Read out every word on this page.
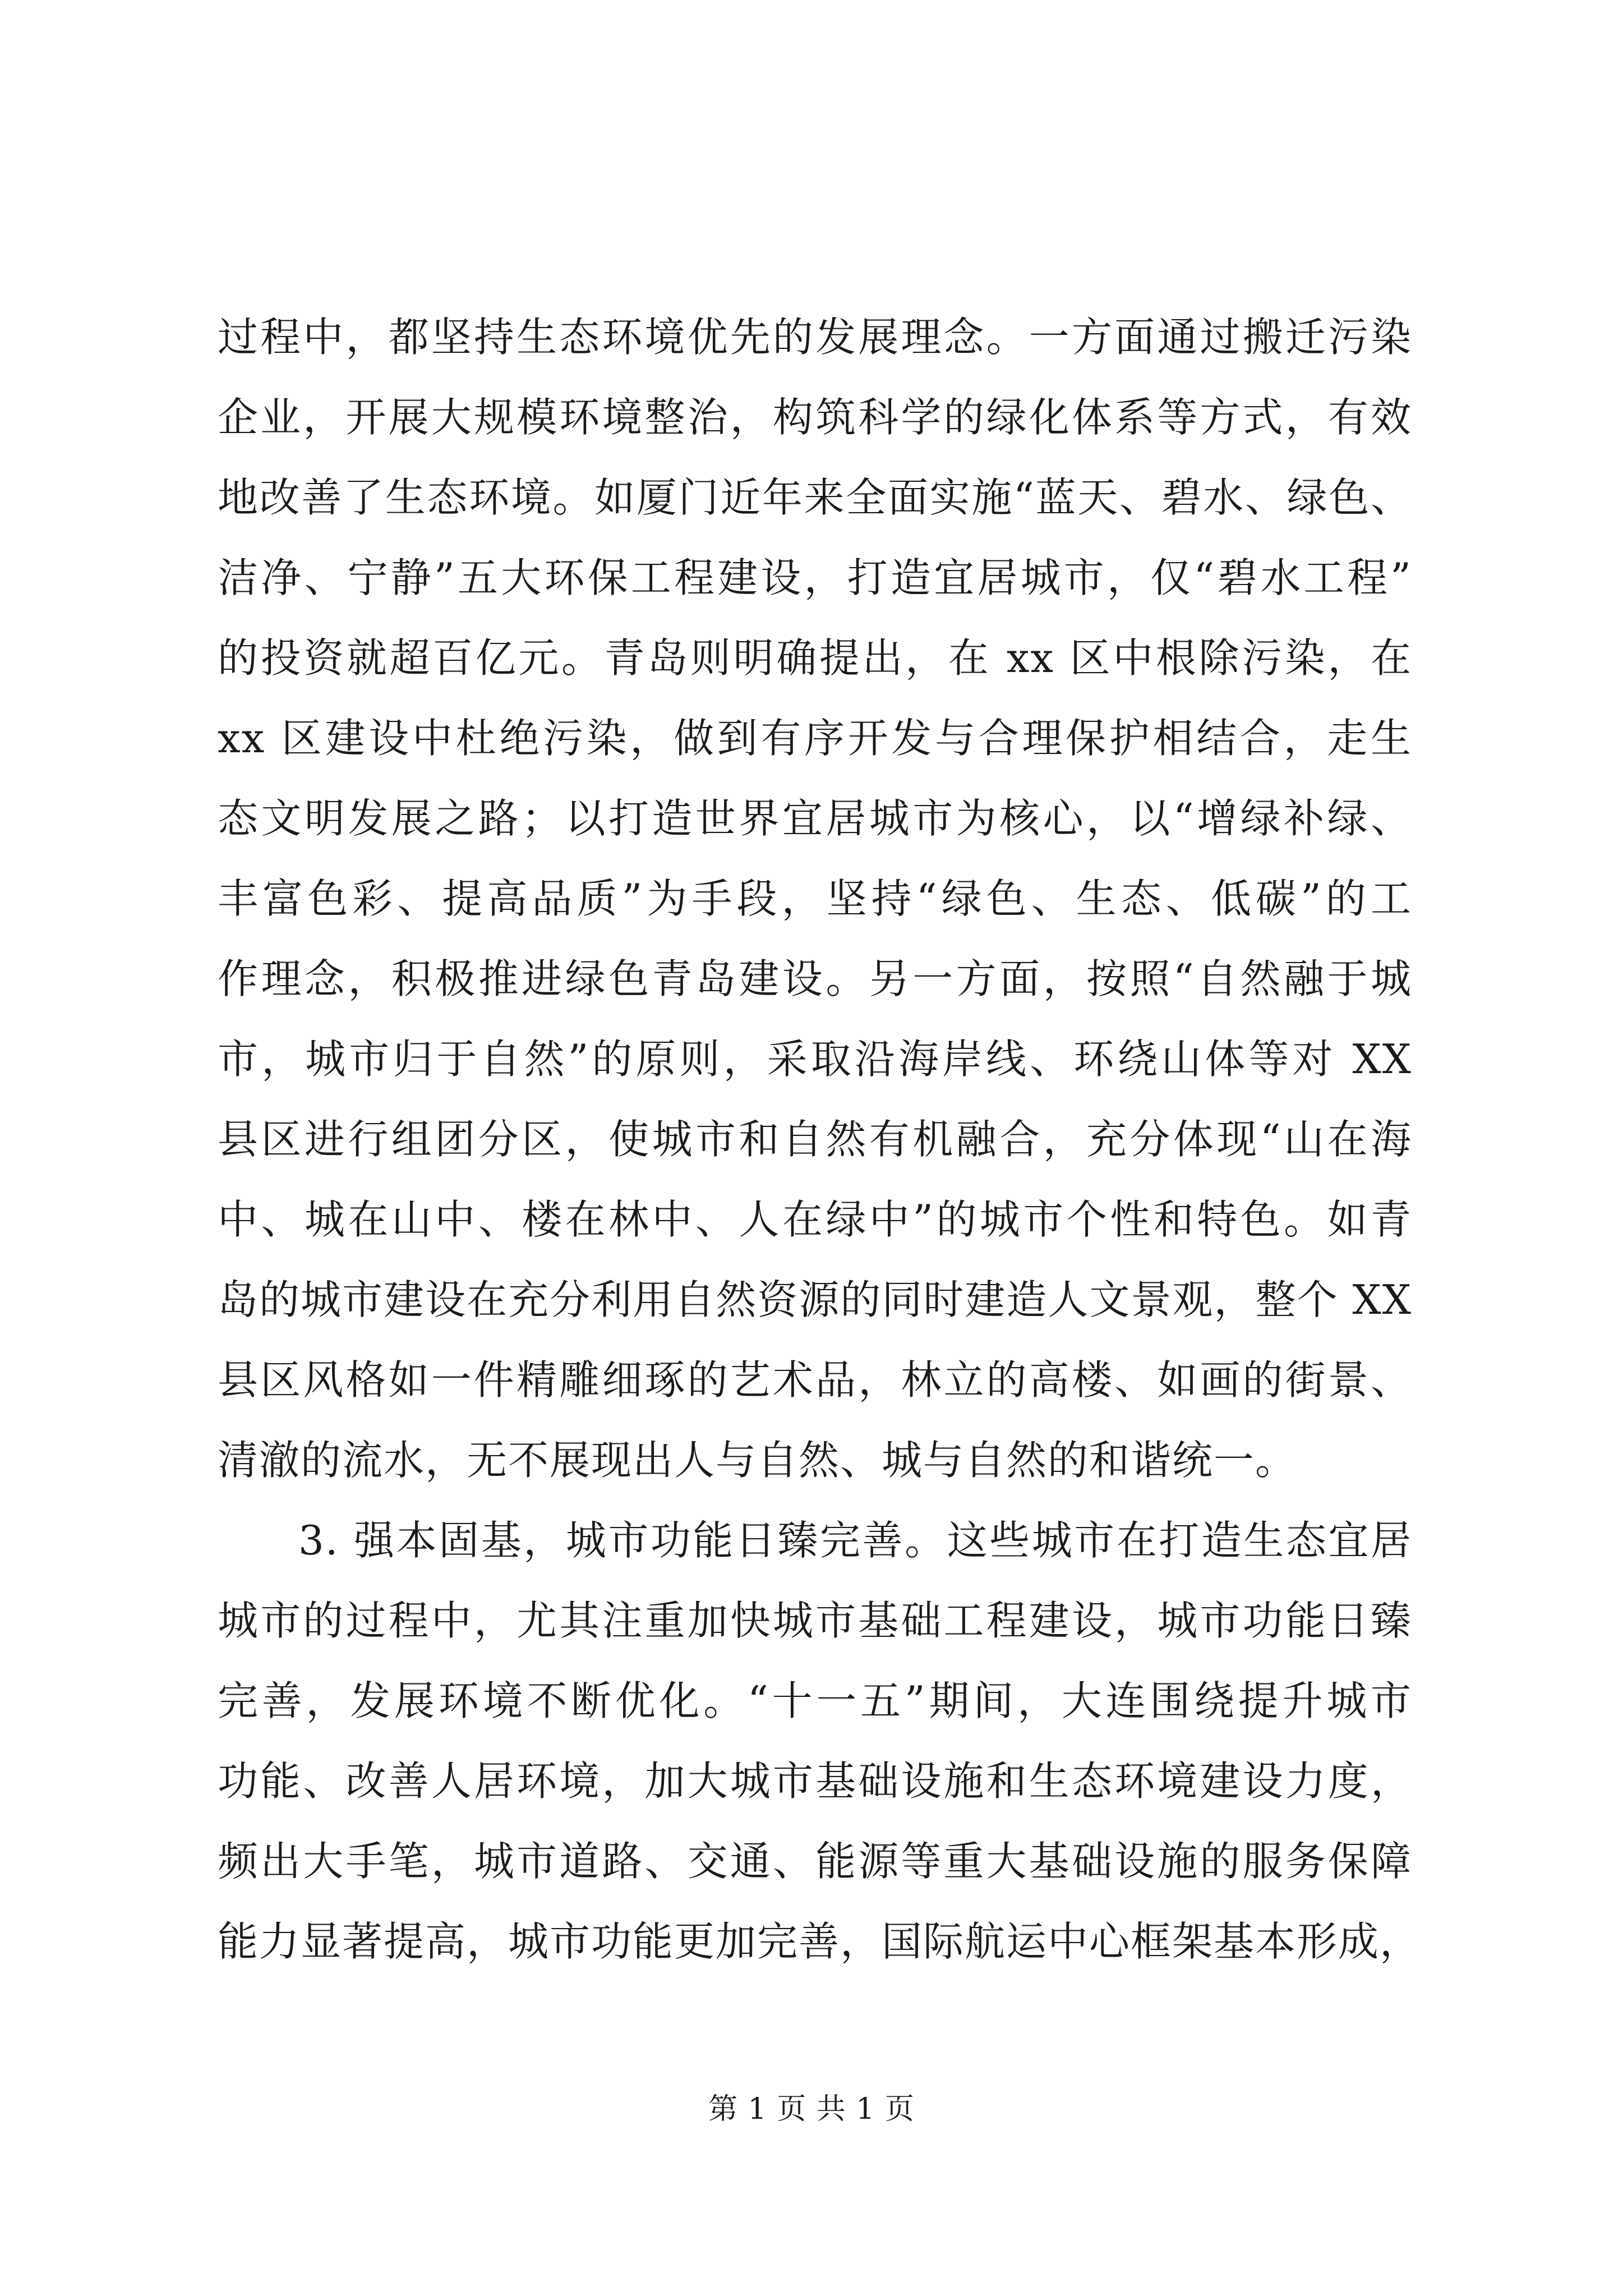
过程中，都坚持生态环境优先的发展理念。一方面通过搬迁污染
企业，开展大规模环境整治，构筑科学的绿化体系等方式，有效
地改善了生态环境。如厦门近年来全面实施“蓝天、碧水、绿色、
洁净、宁静”五大环保工程建设，打造宜居城市，仅“碧水工程”
的投资就超百亿元。青岛则明确提出，在 xx 区中根除污染，在
xx 区建设中杜绝污染，做到有序开发与合理保护相结合，走生
态文明发展之路；以打造世界宜居城市为核心，以“增绿补绿、
丰富色彩、提高品质”为手段，坚持“绿色、生态、低碳”的工
作理念，积极推进绿色青岛建设。另一方面，按照“自然融于城
市，城市归于自然”的原则，采取沿海岸线、环绕山体等对 XX
县区进行组团分区，使城市和自然有机融合，充分体现“山在海
中、城在山中、楼在林中、人在绿中”的城市个性和特色。如青
岛的城市建设在充分利用自然资源的同时建造人文景观，整个 XX
县区风格如一件精雕细琢的艺术品，林立的高楼、如画的街景、
清澈的流水，无不展现出人与自然、城与自然的和谐统一。
3. 强本固基，城市功能日臻完善。这些城市在打造生态宜居
城市的过程中，尤其注重加快城市基础工程建设，城市功能日臻
完善，发展环境不断优化。“十一五”期间，大连围绕提升城市
功能、改善人居环境，加大城市基础设施和生态环境建设力度，
频出大手笔，城市道路、交通、能源等重大基础设施的服务保障
能力显著提高，城市功能更加完善，国际航运中心框架基本形成，
第 1 页 共 1 页
